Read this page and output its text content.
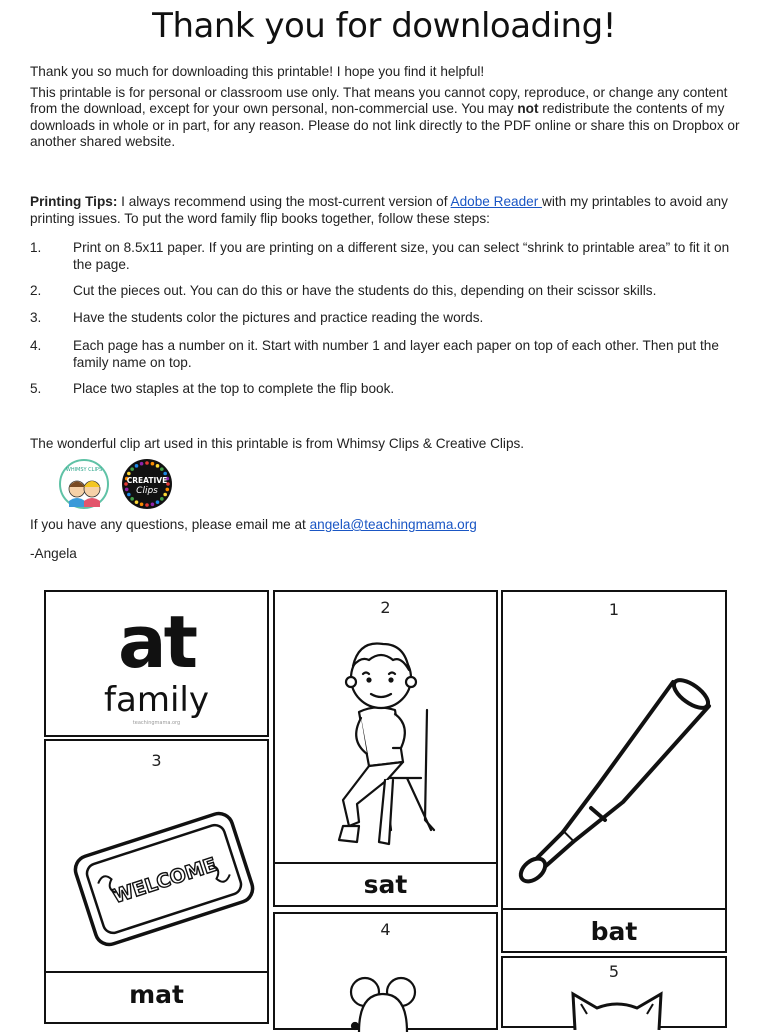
Thank you for downloading!

Thank you so much for downloading this printable! I hope you find it helpful!

This printable is for personal or classroom use only. That means you cannot copy, reproduce, or change any content from the download, except for your own personal, non-commercial use. You may not redistribute the contents of my downloads in whole or in part, for any reason. Please do not link directly to the PDF online or share this on Dropbox or another shared website.

Printing Tips: I always recommend using the most-current version of Adobe Reader with my printables to avoid any printing issues. To put the word family flip books together, follow these steps:

1. Print on 8.5x11 paper. If you are printing on a different size, you can select “shrink to printable area” to fit it on the page.
2. Cut the pieces out. You can do this or have the students do this, depending on their scissor skills.
3. Have the students color the pictures and practice reading the words.
4. Each page has a number on it. Start with number 1 and layer each paper on top of each other. Then put the family name on top.
5. Place two staples at the top to complete the flip book.
The wonderful clip art used in this printable is from Whimsy Clips & Creative Clips.
WHIMSY CLIPS
CREATIVE
Clips
If you have any questions, please email me at angela@teachingmama.org
-Angela
at
family
teachingmama.org
3
WELCOME
mat
2
sat
4
1
bat
5
